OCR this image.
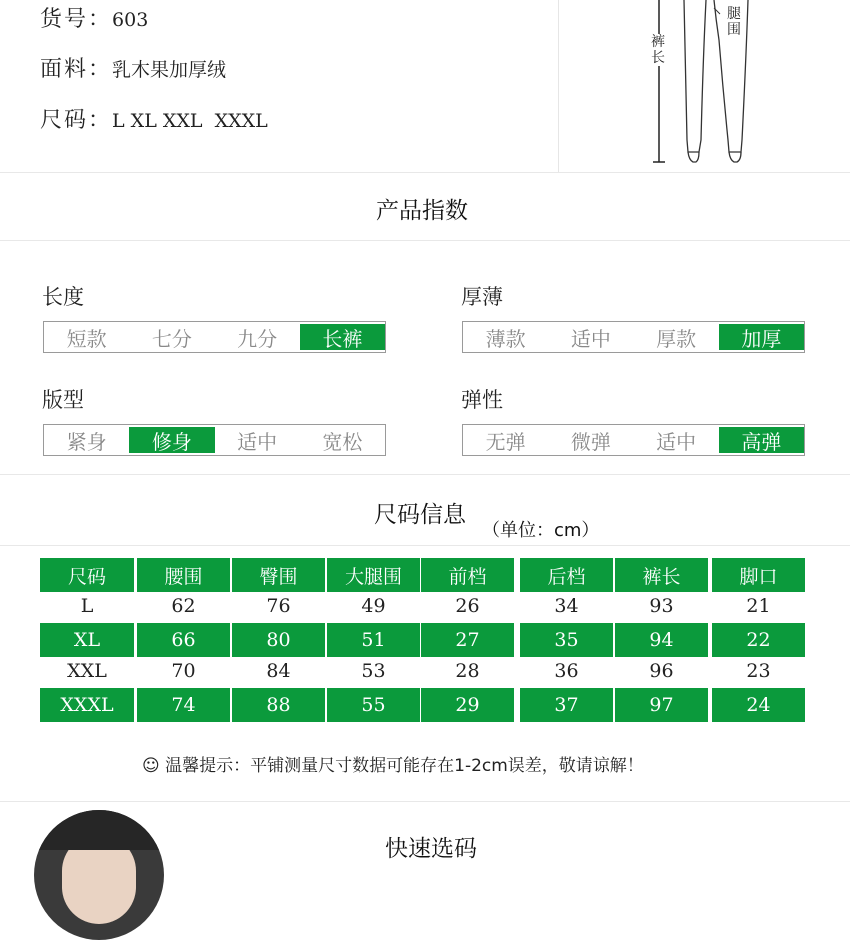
货号：603
面料：乳木果加厚绒
尺码：L XL XXL  XXXL
裤长
腿围
产品指数
长度
短款	七分	九分	长裤
厚薄
薄款	适中	厚款	加厚
版型
紧身	修身	适中	宽松
弹性
无弹	微弹	适中	高弹
尺码信息
（单位：cm）
尺码	腰围	臀围	大腿围	前档	后档	裤长	脚口
L	62	76	49	26	34	93	21
XL	66	80	51	27	35	94	22
XXL	70	84	53	28	36	96	23
XXXL	74	88	55	29	37	97	24
☺ 温馨提示：平铺测量尺寸数据可能存在1-2cm误差，敬请谅解！
快速选码
